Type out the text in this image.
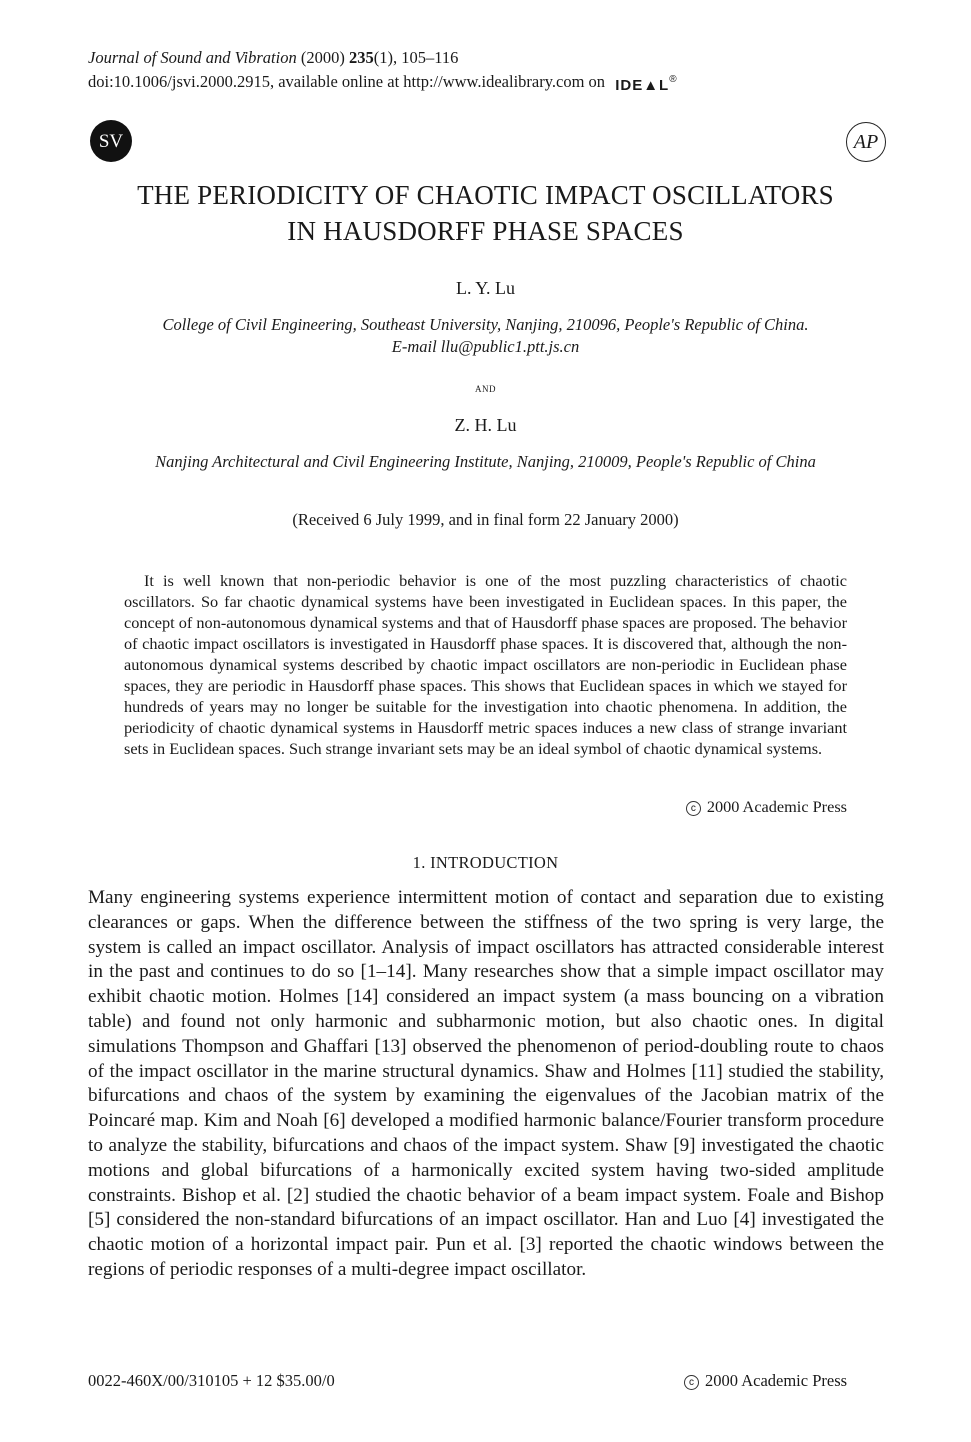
Journal of Sound and Vibration (2000) 235(1), 105–116
doi:10.1006/jsvi.2000.2915, available online at http://www.idealibrary.com on IDE▲L®
SV	AP
THE PERIODICITY OF CHAOTIC IMPACT OSCILLATORS
IN HAUSDORFF PHASE SPACES
L. Y. Lu
College of Civil Engineering, Southeast University, Nanjing, 210096, People's Republic of China.
E-mail llu@public1.ptt.js.cn
and
Z. H. Lu
Nanjing Architectural and Civil Engineering Institute, Nanjing, 210009, People's Republic of China
(Received 6 July 1999, and in final form 22 January 2000)
It is well known that non-periodic behavior is one of the most puzzling characteristics of chaotic oscillators. So far chaotic dynamical systems have been investigated in Euclidean spaces. In this paper, the concept of non-autonomous dynamical systems and that of Hausdorff phase spaces are proposed. The behavior of chaotic impact oscillators is investigated in Hausdorff phase spaces. It is discovered that, although the non-autonomous dynamical systems described by chaotic impact oscillators are non-periodic in Euclidean phase spaces, they are periodic in Hausdorff phase spaces. This shows that Euclidean spaces in which we stayed for hundreds of years may no longer be suitable for the investigation into chaotic phenomena. In addition, the periodicity of chaotic dynamical systems in Hausdorff metric spaces induces a new class of strange invariant sets in Euclidean spaces. Such strange invariant sets may be an ideal symbol of chaotic dynamical systems.
c 2000 Academic Press
1. INTRODUCTION
Many engineering systems experience intermittent motion of contact and separation due to existing clearances or gaps. When the difference between the stiffness of the two spring is very large, the system is called an impact oscillator. Analysis of impact oscillators has attracted considerable interest in the past and continues to do so [1–14]. Many researches show that a simple impact oscillator may exhibit chaotic motion. Holmes [14] considered an impact system (a mass bouncing on a vibration table) and found not only harmonic and subharmonic motion, but also chaotic ones. In digital simulations Thompson and Ghaffari [13] observed the phenomenon of period-doubling route to chaos of the impact oscillator in the marine structural dynamics. Shaw and Holmes [11] studied the stability, bifurcations and chaos of the system by examining the eigenvalues of the Jacobian matrix of the Poincaré map. Kim and Noah [6] developed a modified harmonic balance/Fourier transform procedure to analyze the stability, bifurcations and chaos of the impact system. Shaw [9] investigated the chaotic motions and global bifurcations of a harmonically excited system having two-sided amplitude constraints. Bishop et al. [2] studied the chaotic behavior of a beam impact system. Foale and Bishop [5] considered the non-standard bifurcations of an impact oscillator. Han and Luo [4] investigated the chaotic motion of a horizontal impact pair. Pun et al. [3] reported the chaotic windows between the regions of periodic responses of a multi-degree impact oscillator.
0022-460X/00/310105 + 12 $35.00/0	c 2000 Academic Press
